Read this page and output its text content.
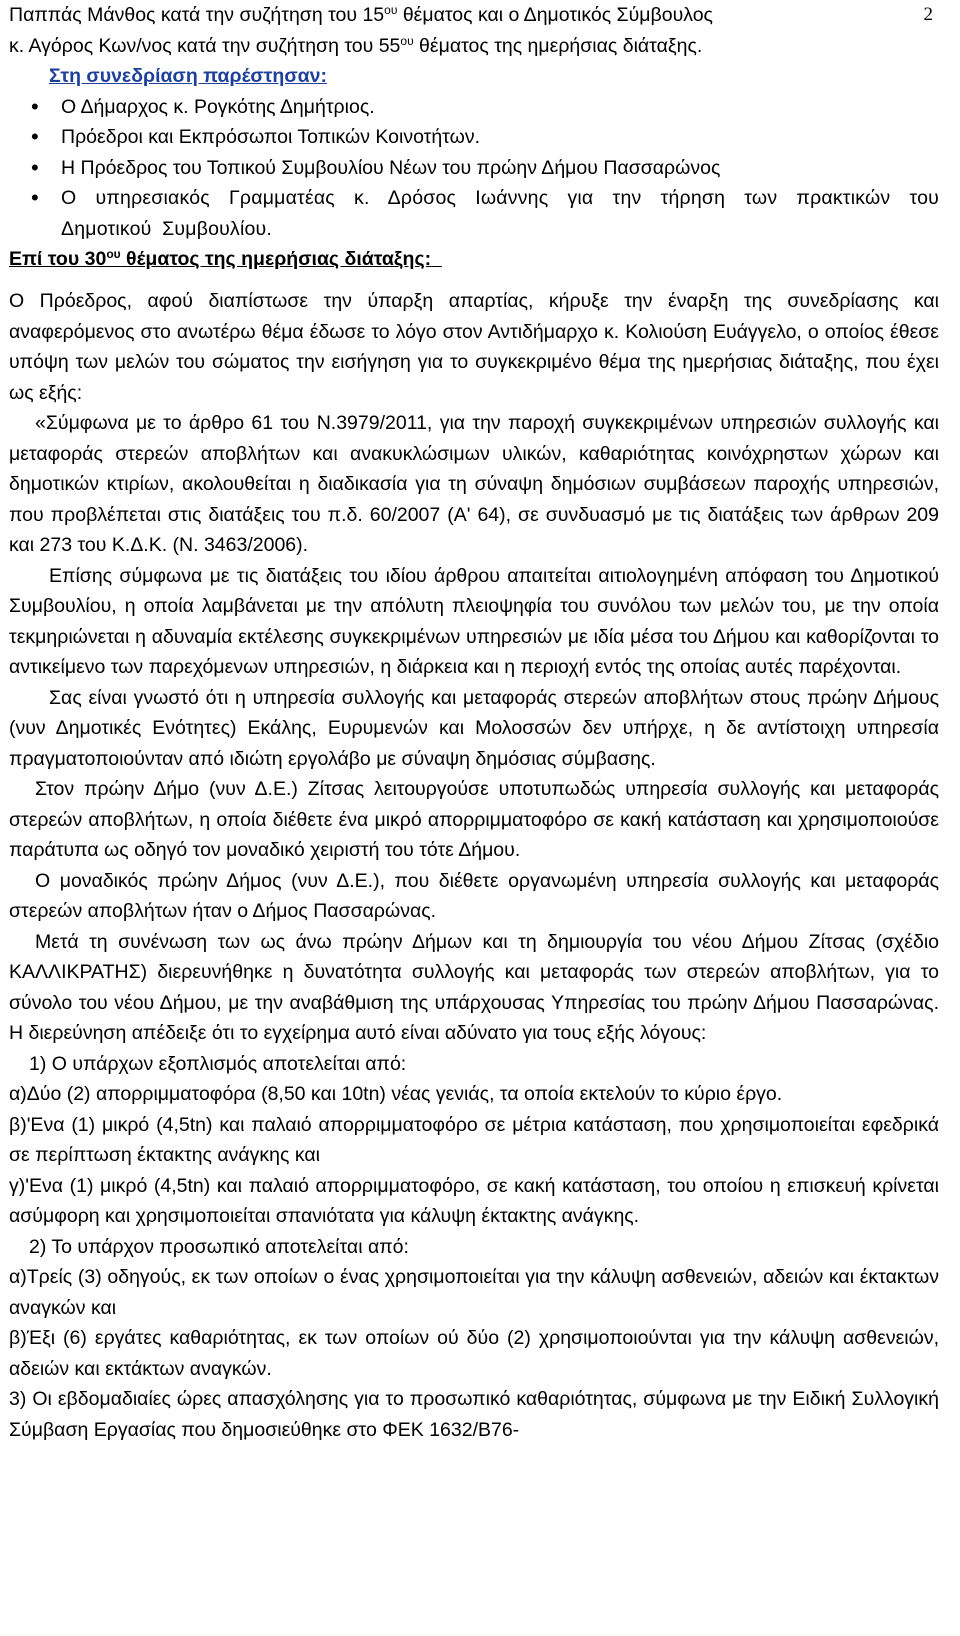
2

Παππάς Μάνθος κατά την συζήτηση του $15^{o\upsilon}$ θέματος και ο Δημοτικός Σύμβουλος

κ. Αγόρος Κων/νος κατά την συζήτηση του $55^{o\upsilon}$ θέματος της ημερήσιας διάταξης.

Στη συνεδρίαση παρέστησαν:

• Ο Δήμαρχος κ. Ρογκότης Δημήτριος.
• Πρόεδροι και Εκπρόσωποι Τοπικών Κοινοτήτων.
• Η Πρόεδρος του Τοπικού Συμβουλίου Νέων του πρώην Δήμου Πασσαρώνος
• Ο υπηρεσιακός Γραμματέας κ. Δρόσος Ιωάννης για την τήρηση των πρακτικών του Δημοτικού Συμβουλίου.

Επί του $30^{o\upsilon}$ θέματος της ημερήσιας διάταξης:

Ο Πρόεδρος, αφού διαπίστωσε την ύπαρξη απαρτίας, κήρυξε την έναρξη της συνεδρίασης και αναφερόμενος στο ανωτέρω θέμα έδωσε το λόγο στον Αντιδήμαρχο κ. Κολιούση Ευάγγελο, ο οποίος έθεσε υπόψη των μελών του σώματος την εισήγηση για το συγκεκριμένο θέμα της ημερήσιας διάταξης, που έχει ως εξής:

«Σύμφωνα με το άρθρο 61 του Ν.3979/2011, για την παροχή συγκεκριμένων υπηρεσιών συλλογής και μεταφοράς στερεών αποβλήτων και ανακυκλώσιμων υλικών, καθαριότητας κοινόχρηστων χώρων και δημοτικών κτιρίων, ακολουθείται η διαδικασία για τη σύναψη δημόσιων συμβάσεων παροχής υπηρεσιών, που προβλέπεται στις διατάξεις του π.δ. 60/2007 (Α' 64), σε συνδυασμό με τις διατάξεις των άρθρων 209 και 273 του Κ.Δ.Κ. (Ν. 3463/2006).

Επίσης σύμφωνα με τις διατάξεις του ιδίου άρθρου απαιτείται αιτιολογημένη απόφαση του Δημοτικού Συμβουλίου, η οποία λαμβάνεται με την απόλυτη πλειοψηφία του συνόλου των μελών του, με την οποία τεκμηριώνεται η αδυναμία εκτέλεσης συγκεκριμένων υπηρεσιών με ιδία μέσα του Δήμου και καθορίζονται το αντικείμενο των παρεχόμενων υπηρεσιών, η διάρκεια και η περιοχή εντός της οποίας αυτές παρέχονται.

Σας είναι γνωστό ότι η υπηρεσία συλλογής και μεταφοράς στερεών αποβλήτων στους πρώην Δήμους (νυν Δημοτικές Ενότητες) Εκάλης, Ευρυμενών και Μολοσσών δεν υπήρχε, η δε αντίστοιχη υπηρεσία πραγματοποιούνταν από ιδιώτη εργολάβο με σύναψη δημόσιας σύμβασης.

Στον πρώην Δήμο (νυν Δ.Ε.) Ζίτσας λειτουργούσε υποτυπωδώς υπηρεσία συλλογής και μεταφοράς στερεών αποβλήτων, η οποία διέθετε ένα μικρό απορριμματοφόρο σε κακή κατάσταση και χρησιμοποιούσε παράτυπα ως οδηγό τον μοναδικό χειριστή του τότε Δήμου.

Ο μοναδικός πρώην Δήμος (νυν Δ.Ε.), που διέθετε οργανωμένη υπηρεσία συλλογής και μεταφοράς στερεών αποβλήτων ήταν ο Δήμος Πασσαρώνας.

Μετά τη συνένωση των ως άνω πρώην Δήμων και τη δημιουργία του νέου Δήμου Ζίτσας (σχέδιο ΚΑΛΛΙΚΡΑΤΗΣ) διερευνήθηκε η δυνατότητα συλλογής και μεταφοράς των στερεών αποβλήτων, για το σύνολο του νέου Δήμου, με την αναβάθμιση της υπάρχουσας Υπηρεσίας του πρώην Δήμου Πασσαρώνας. Η διερεύνηση απέδειξε ότι το εγχείρημα αυτό είναι αδύνατο για τους εξής λόγους:

1) Ο υπάρχων εξοπλισμός αποτελείται από:

α)Δύο (2) απορριμματοφόρα (8,50 και 10tn) νέας γενιάς, τα οποία εκτελούν το κύριο έργο.

β)'Ενα (1) μικρό (4,5tn) και παλαιό απορριμματοφόρο σε μέτρια κατάσταση, που χρησιμοποιείται εφεδρικά σε περίπτωση έκτακτης ανάγκης και

γ)'Ενα (1) μικρό (4,5tn) και παλαιό απορριμματοφόρο, σε κακή κατάσταση, του οποίου η επισκευή κρίνεται ασύμφορη και χρησιμοποιείται σπανιότατα για κάλυψη έκτακτης ανάγκης.

2) Το υπάρχον προσωπικό αποτελείται από:

α)Τρείς (3) οδηγούς, εκ των οποίων ο ένας χρησιμοποιείται για την κάλυψη ασθενειών, αδειών και έκτακτων αναγκών και

β)Έξι (6) εργάτες καθαριότητας, εκ των οποίων ού δύο (2) χρησιμοποιούνται για την κάλυψη ασθενειών, αδειών και εκτάκτων αναγκών.

3) Οι εβδομαδιαίες ώρες απασχόλησης για το προσωπικό καθαριότητας, σύμφωνα με την Ειδική Συλλογική Σύμβαση Εργασίας που δημοσιεύθηκε στο ΦΕΚ 1632/Β76-
